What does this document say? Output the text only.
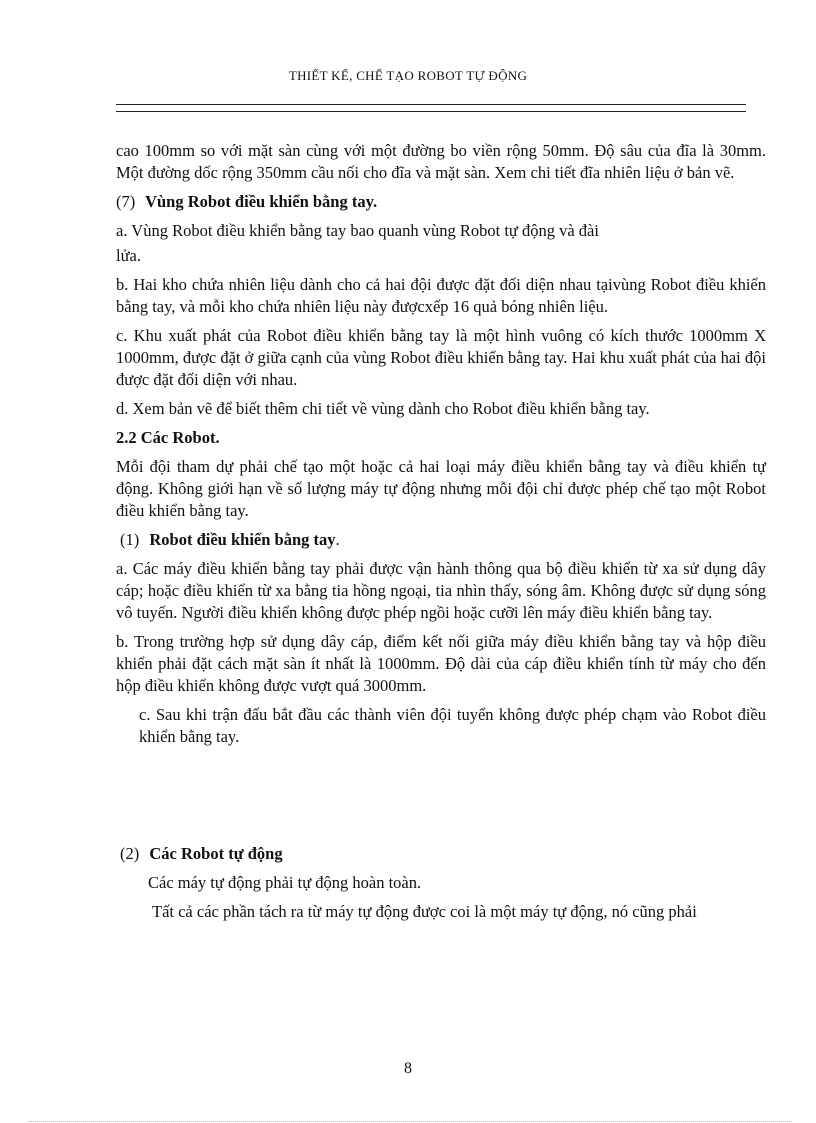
THIẾT KẾ, CHẾ TẠO ROBOT TỰ ĐỘNG

cao 100mm so với mặt sàn cùng với một đường bo viền rộng 50mm. Độ sâu của đĩa là 30mm. Một đường dốc rộng 350mm cầu nối cho đĩa và mặt sàn. Xem chi tiết đĩa nhiên liệu ở bản vẽ.

(7) Vùng Robot điều khiển bằng tay.

a. Vùng Robot điều khiển bằng tay bao quanh vùng Robot tự động và đài

lửa.

b. Hai kho chứa nhiên liệu dành cho cả hai đội được đặt đối diện nhau tạivùng Robot điều khiển bằng tay, và mỗi kho chứa nhiên liệu này đượcxếp 16 quả bóng nhiên liệu.

c. Khu xuất phát của Robot điều khiển bằng tay là một hình vuông có kích thước 1000mm X 1000mm, được đặt ở giữa cạnh của vùng Robot điều khiển bằng tay. Hai khu xuất phát của hai đội được đặt đối diện với nhau.

d. Xem bản vẽ để biết thêm chi tiết về vùng dành cho Robot điều khiển bằng tay.

2.2 Các Robot.

Mỗi đội tham dự phải chế tạo một hoặc cả hai loại máy điều khiển bằng tay và điều khiển tự động. Không giới hạn về số lượng máy tự động nhưng mỗi đội chỉ được phép chế tạo một Robot điều khiển bằng tay.

(1) Robot điều khiển bằng tay.

a. Các máy điều khiển bằng tay phải được vận hành thông qua bộ điều khiển từ xa sử dụng dây cáp; hoặc điều khiển từ xa bằng tia hồng ngoại, tia nhìn thấy, sóng âm. Không được sử dụng sóng vô tuyến. Người điều khiển không được phép ngồi hoặc cưỡi lên máy điều khiển bằng tay.

b. Trong trường hợp sử dụng dây cáp, điểm kết nối giữa máy điều khiển bằng tay và hộp điều khiển phải đặt cách mặt sàn ít nhất là 1000mm. Độ dài của cáp điều khiển tính từ máy cho đến hộp điều khiển không được vượt quá 3000mm.

c. Sau khi trận đấu bắt đầu các thành viên đội tuyển không được phép chạm vào Robot điều khiển bằng tay.

(2) Các Robot tự động

Các máy tự động phải tự động hoàn toàn.

Tất cả các phần tách ra từ máy tự động được coi là một máy tự động, nó cũng phải

8
